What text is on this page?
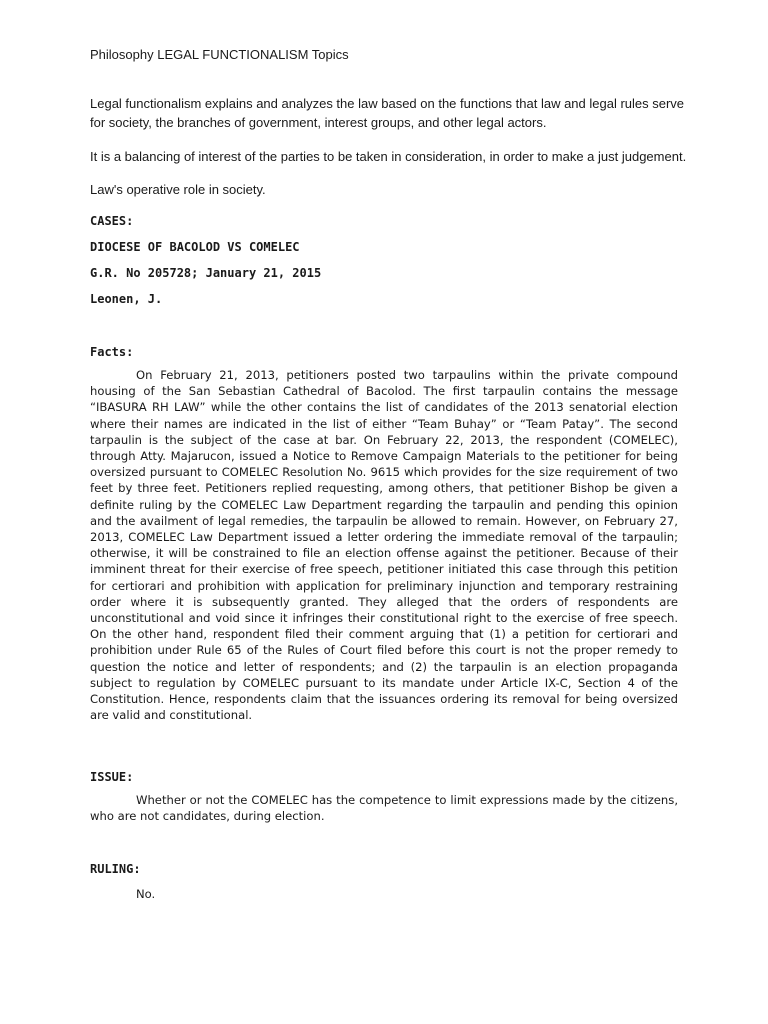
Philosophy LEGAL FUNCTIONALISM Topics
Legal functionalism explains and analyzes the law based on the functions that law and legal rules serve for society, the branches of government, interest groups, and other legal actors.
It is a balancing of interest of the parties to be taken in consideration, in order to make a just judgement.
Law's operative role in society.
CASES:
DIOCESE OF BACOLOD VS COMELEC
G.R. No 205728; January 21, 2015
Leonen, J.
Facts:

On February 21, 2013, petitioners posted two tarpaulins within the private compound housing of the San Sebastian Cathedral of Bacolod. The first tarpaulin contains the message “IBASURA RH LAW” while the other contains the list of candidates of the 2013 senatorial election where their names are indicated in the list of either “Team Buhay” or “Team Patay”. The second tarpaulin is the subject of the case at bar. On February 22, 2013, the respondent (COMELEC), through Atty. Majarucon, issued a Notice to Remove Campaign Materials to the petitioner for being oversized pursuant to COMELEC Resolution No. 9615 which provides for the size requirement of two feet by three feet. Petitioners replied requesting, among others, that petitioner Bishop be given a definite ruling by the COMELEC Law Department regarding the tarpaulin and pending this opinion and the availment of legal remedies, the tarpaulin be allowed to remain. However, on February 27, 2013, COMELEC Law Department issued a letter ordering the immediate removal of the tarpaulin; otherwise, it will be constrained to file an election offense against the petitioner. Because of their imminent threat for their exercise of free speech, petitioner initiated this case through this petition for certiorari and prohibition with application for preliminary injunction and temporary restraining order where it is subsequently granted. They alleged that the orders of respondents are unconstitutional and void since it infringes their constitutional right to the exercise of free speech. On the other hand, respondent filed their comment arguing that (1) a petition for certiorari and prohibition under Rule 65 of the Rules of Court filed before this court is not the proper remedy to question the notice and letter of respondents; and (2) the tarpaulin is an election propaganda subject to regulation by COMELEC pursuant to its mandate under Article IX-C, Section 4 of the Constitution. Hence, respondents claim that the issuances ordering its removal for being oversized are valid and constitutional.

ISSUE:

Whether or not the COMELEC has the competence to limit expressions made by the citizens, who are not candidates, during election.

RULING:

No.
